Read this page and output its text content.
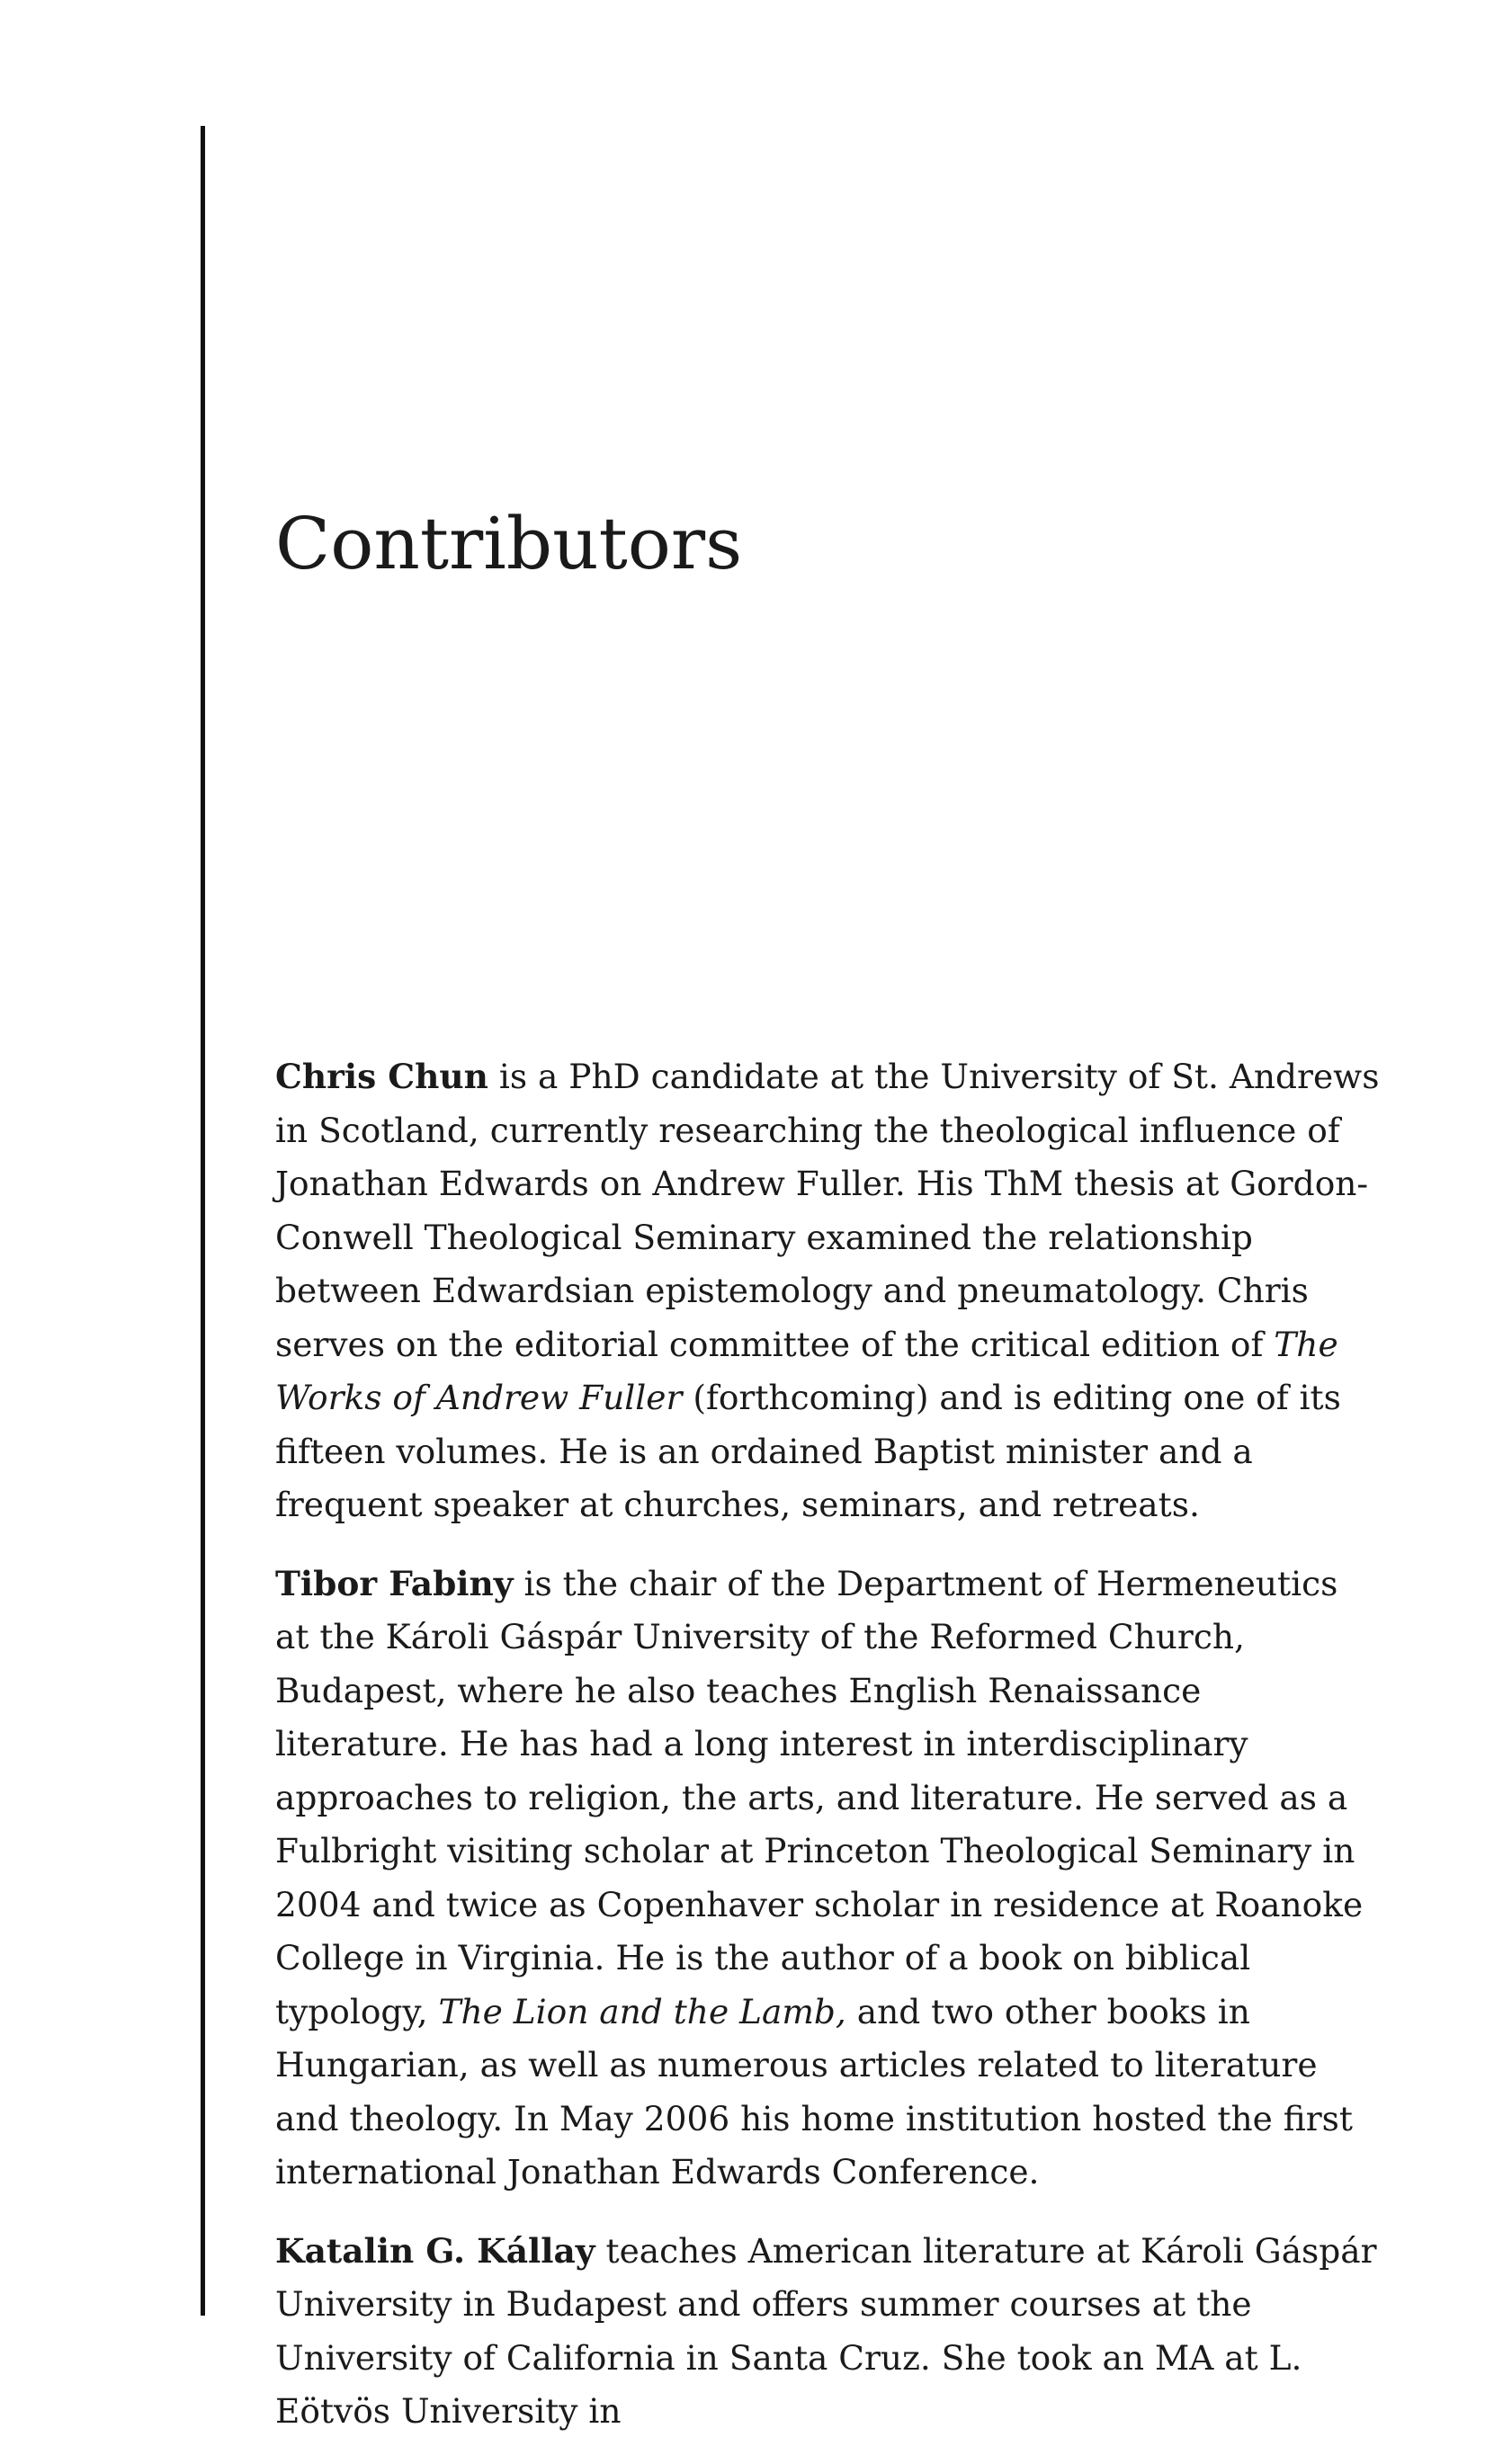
Contributors

Chris Chun is a PhD candidate at the University of St. Andrews in Scotland, currently researching the theological influence of Jonathan Edwards on Andrew Fuller. His ThM thesis at Gordon-Conwell Theological Seminary examined the relationship between Edwardsian epistemology and pneumatology. Chris serves on the editorial committee of the critical edition of The Works of Andrew Fuller (forthcoming) and is editing one of its fifteen volumes. He is an ordained Baptist minister and a frequent speaker at churches, seminars, and retreats.

Tibor Fabiny is the chair of the Department of Hermeneutics at the Károli Gáspár University of the Reformed Church, Budapest, where he also teaches English Renaissance literature. He has had a long interest in interdisciplinary approaches to religion, the arts, and literature. He served as a Fulbright visiting scholar at Princeton Theological Seminary in 2004 and twice as Copenhaver scholar in residence at Roanoke College in Virginia. He is the author of a book on biblical typology, The Lion and the Lamb, and two other books in Hungarian, as well as numerous articles related to literature and theology. In May 2006 his home institution hosted the first international Jonathan Edwards Conference.

Katalin G. Kállay teaches American literature at Károli Gáspár University in Budapest and offers summer courses at the University of California in Santa Cruz. She took an MA at L. Eötvös University in
